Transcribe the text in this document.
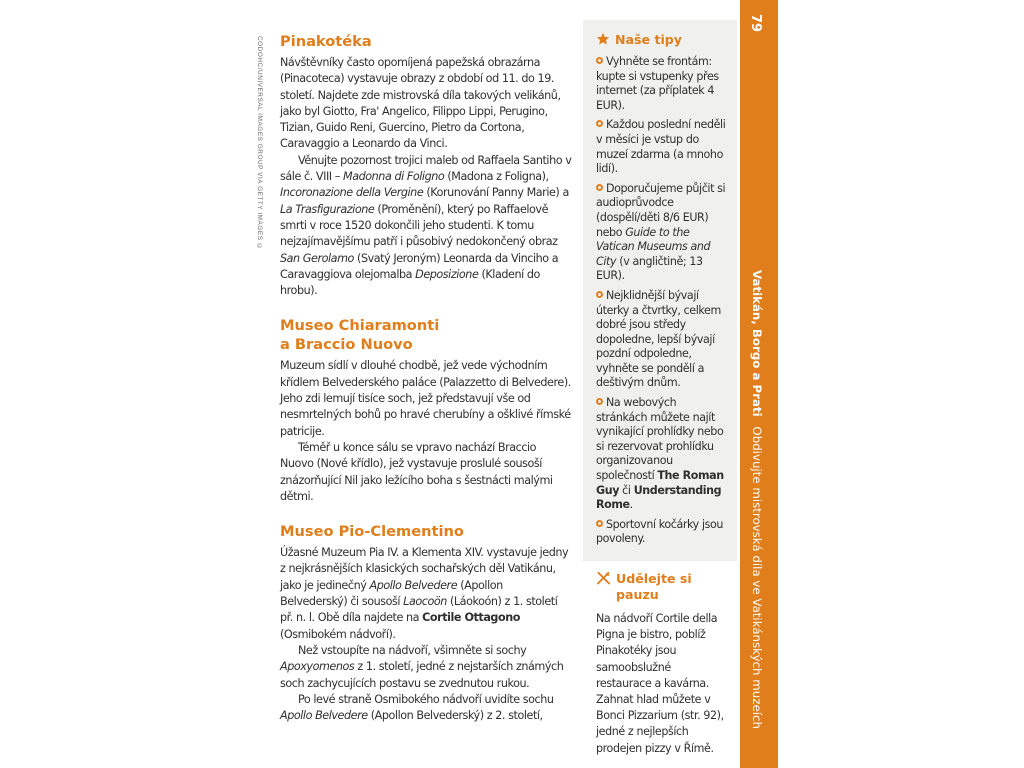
CODOHC/UNIVERSAL IMAGES GROUP VIA GETTY IMAGES © Pinakotéka

Návštěvníky často opomíjená papežská obrazárna (Pinacoteca) vystavuje obrazy z období od 11. do 19. století. Najdete zde mistrovská díla takových velikánů, jako byl Giotto, Fra' Angelico, Filippo Lippi, Perugino, Tizian, Guido Reni, Guercino, Pietro da Cortona, Caravaggio a Leonardo da Vinci.

Věnujte pozornost trojici maleb od Raffaela Santiho v sále č. VIII – Madonna di Foligno (Madona z Folignа), Incoronazione della Vergine (Korunování Panny Marie) a La Trasfigurazione (Proměnění), který po Raffaelově smrti v roce 1520 dokončili jeho studenti. K tomu nejzajímavějšímu patří i působivý nedokončený obraz San Gerolamo (Svatý Jeroným) Leonarda da Vinciho a Caravaggiova olejomalba Deposizione (Kladení do hrobu).

Museo Chiaramonti
a Braccio Nuovo

Muzeum sídlí v dlouhé chodbě, jež vede východním křídlem Belvederského paláce (Palazzetto di Belvedere). Jeho zdi lemují tisíce soch, jež představují vše od nesmrtelných bohů po hravé cherubíny a ošklivé římské patricije.

Téměř u konce sálu se vpravo nachází Braccio Nuovo (Nové křídlo), jež vystavuje proslulé sousoší znázorňující Nil jako ležícího boha s šestnácti malými dětmi.

Museo Pio-Clementino

Úžasné Muzeum Pia IV. a Klementa XIV. vystavuje jedny z nejkrásnějších klasických sochařských děl Vatikánu, jako je jedinečný Apollo Belvedere (Apollon Belvederský) či sousoší Laocoön (Láokoón) z 1. století př. n. l. Obě díla najdete na Cortile Ottagono (Osmibokém nádvoří).

Než vstoupíte na nádvoří, všimněte si sochy Apoxyomenos z 1. století, jedné z nejstarších známých soch zachycujících postavu se zvednutou rukou.

Po levé straně Osmibokého nádvoří uvidíte sochu Apollo Belvedere (Apollon Belvederský) z 2. století,

Naše tipy
Vyhněte se frontám: kupte si vstupenky přes internet (za příplatek 4 EUR).
Každou poslední neděli v měsíci je vstup do muzeí zdarma (a mnoho lidí).
Doporučujeme půjčit si audioprůvodce (dospělí/děti 8/6 EUR) nebo Guide to the Vatican Museums and City (v angličtině; 13 EUR).
Nejklidnější bývají úterky a čtvrtky, celkem dobré jsou středy dopoledne, lepší bývají pozdní odpoledne, vyhněte se pondělí a deštivým dnům.
Na webových stránkách můžete najít vynikající prohlídky nebo si rezervovat prohlídku organizovanou společností The Roman Guy či Understanding Rome.
Sportovní kočárky jsou povoleny.
Udělejte si pauzu
Na nádvoří Cortile della Pigna je bistro, poblíž Pinakotéky jsou samoobslužné restaurace a kavárna. Zahnat hlad můžete v Bonci Pizzarium (str. 92), jedné z nejlepších prodejen pizzy v Římě.
79
Vatikán, Borgo a Prati Obdivujte mistrovská díla ve Vatikánských muzeích
